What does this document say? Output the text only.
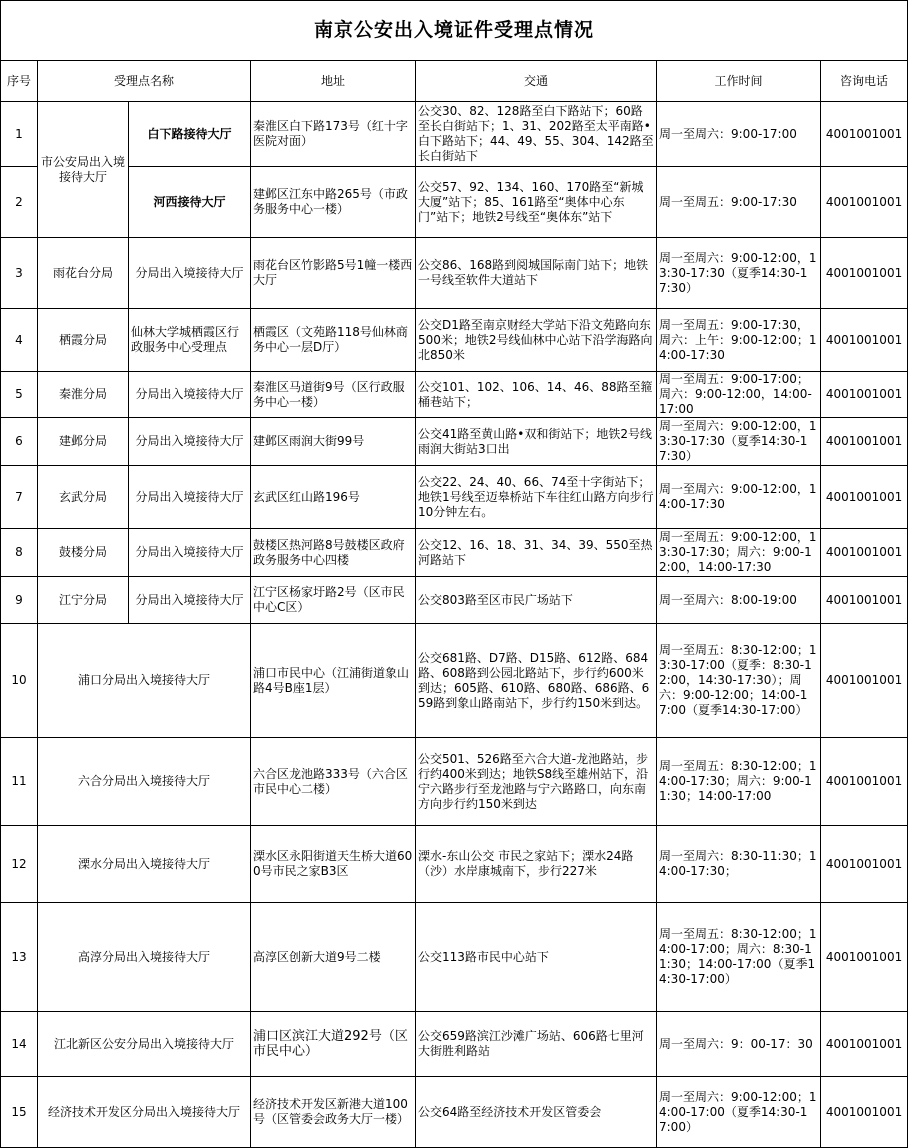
南京公安出入境证件受理点情况						
序号	受理点名称		地址	交通	工作时间	咨询电话
1	市公安局出入境接待大厅	白下路接待大厅	秦淮区白下路173号（红十字医院对面）	公交30、82、128路至白下路站下；60路至长白街站下；1、31、202路至太平南路•白下路站下；44、49、55、304、142路至长白街站下	周一至周六：9:00-17:00	4001001001
2		河西接待大厅	建邺区江东中路265号（市政务服务中心一楼）	公交57、92、134、160、170路至“新城大厦”站下；85、161路至“奥体中心东门”站下；地铁2号线至“奥体东”站下	周一至周五：9:00-17:30	4001001001
3	雨花台分局	分局出入境接待大厅	雨花台区竹影路5号1幢一楼西大厅	公交86、168路到阅城国际南门站下；地铁一号线至软件大道站下	周一至周六：9:00-12:00，13:30-17:30（夏季14:30-17:30）	4001001001
4	栖霞分局	仙林大学城栖霞区行政服务中心受理点	栖霞区（文苑路118号仙林商务中心一层D厅）	公交D1路至南京财经大学站下沿文苑路向东500米；地铁2号线仙林中心站下沿学海路向北850米	周一至周五：9:00-17:30，周六：上午：9:00-12:00；14:00-17:30	4001001001
5	秦淮分局	分局出入境接待大厅	秦淮区马道街9号（区行政服务中心一楼）	公交101、102、106、14、46、88路至箍桶巷站下；	周一至周五：9:00-17:00；周六：9:00-12:00，14:00-17:00	4001001001
6	建邺分局	分局出入境接待大厅	建邺区雨润大街99号	公交41路至黄山路•双和街站下；地铁2号线雨润大街站3口出	周一至周六：9:00-12:00，13:30-17:30（夏季14:30-17:30）	4001001001
7	玄武分局	分局出入境接待大厅	玄武区红山路196号	公交22、24、40、66、74至十字街站下；地铁1号线至迈皋桥站下车往红山路方向步行10分钟左右。	周一至周六：9:00-12:00，14:00-17:30	4001001001
8	鼓楼分局	分局出入境接待大厅	鼓楼区热河路8号鼓楼区政府政务服务中心四楼	公交12、16、18、31、34、39、550至热河路站下	周一至周五：9:00-12:00，13:30-17:30；周六：9:00-12:00，14:00-17:30	4001001001
9	江宁分局	分局出入境接待大厅	江宁区杨家圩路2号（区市民中心C区）	公交803路至区市民广场站下	周一至周六：8:00-19:00	4001001001
10	浦口分局出入境接待大厅		浦口市民中心（江浦街道象山路4号B座1层）	公交681路、D7路、D15路、612路、684路、608路到公园北路站下，步行约600米到达；605路、610路、680路、686路、659路到象山路南站下，步行约150米到达。	周一至周五：8:30-12:00；13:30-17:00（夏季：8:30-12:00，14:30-17:30）；周六：9:00-12:00；14:00-17:00（夏季14:30-17:00）	4001001001
11	六合分局出入境接待大厅		六合区龙池路333号（六合区市民中心二楼）	公交501、526路至六合大道-龙池路站，步行约400米到达；地铁S8线至雄州站下，沿宁六路步行至龙池路与宁六路路口，向东南方向步行约150米到达	周一至周五：8:30-12:00；14:00-17:30；周六：9:00-11:30；14:00-17:00	4001001001
12	溧水分局出入境接待大厅		溧水区永阳街道天生桥大道600号市民之家B3区	溧水-东山公交 市民之家站下；溧水24路（沙）水岸康城南下，步行227米	周一至周六：8:30-11:30；14:00-17:30；	4001001001
13	高淳分局出入境接待大厅		高淳区创新大道9号二楼	公交113路市民中心站下	周一至周五：8:30-12:00；14:00-17:00；周六：8:30-11:30；14:00-17:00（夏季14:30-17:00）	4001001001
14	江北新区公安分局出入境接待大厅		浦口区滨江大道292号（区市民中心）	公交659路滨江沙滩广场站、606路七里河大街胜利路站	周一至周六：9：00-17：30	4001001001
15	经济技术开发区分局出入境接待大厅		经济技术开发区新港大道100号（区管委会政务大厅一楼）	公交64路至经济技术开发区管委会	周一至周六：9:00-12:00；14:00-17:00（夏季14:30-17:00）	4001001001
